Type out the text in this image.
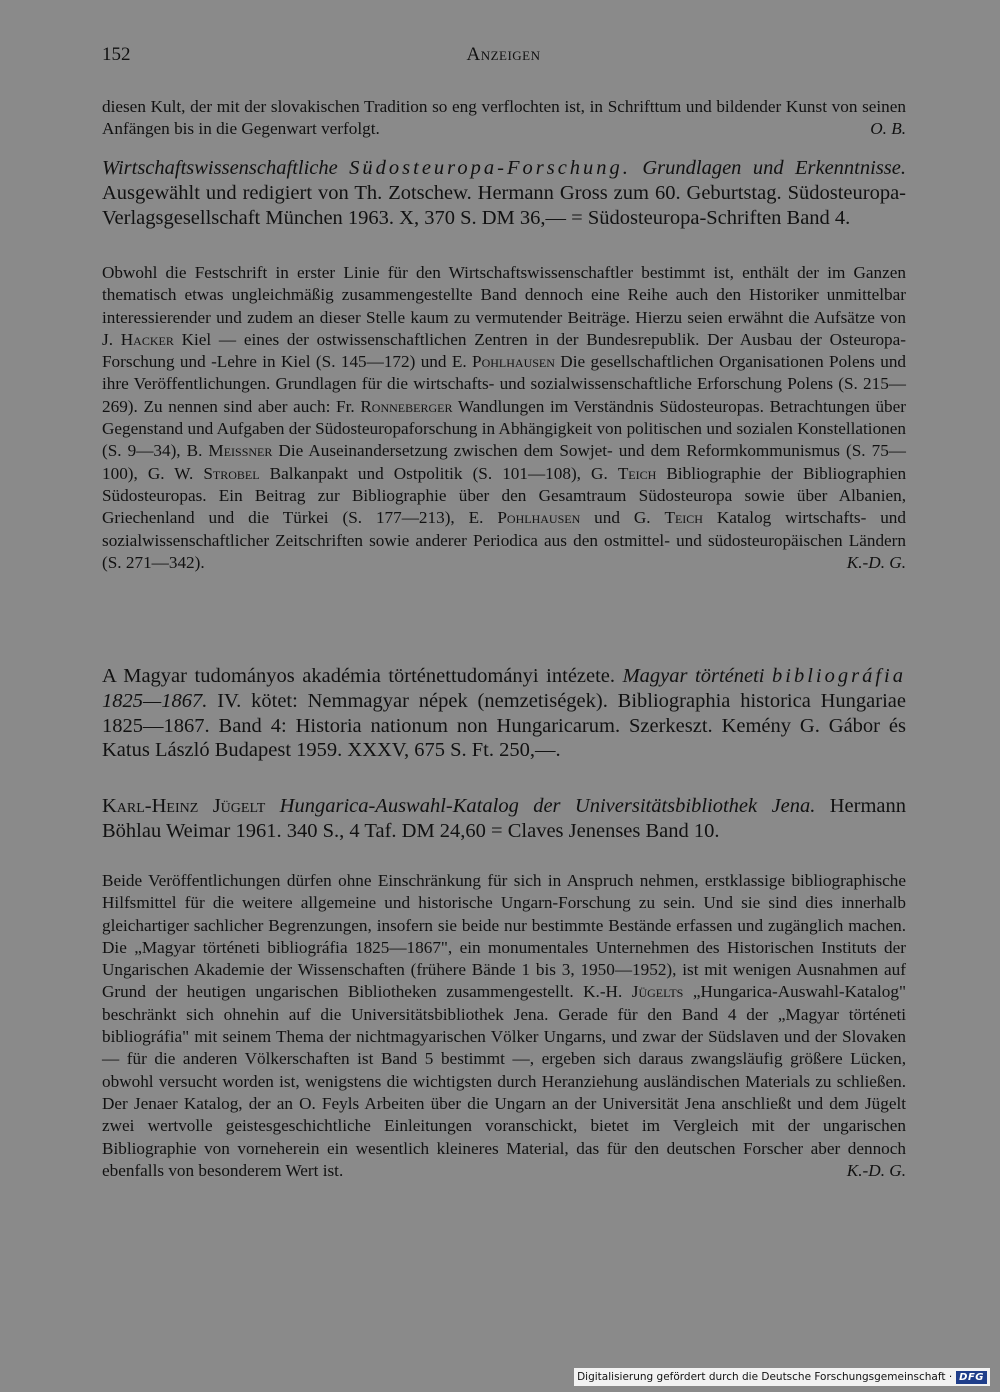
152	Anzeigen

diesen Kult, der mit der slovakischen Tradition so eng verflochten ist, in Schrifttum und bildender Kunst von seinen Anfängen bis in die Gegenwart verfolgt.	O. B.

Wirtschaftswissenschaftliche Südosteuropa-Forschung. Grundlagen und Erkenntnisse. Ausgewählt und redigiert von Th. Zotschew. Hermann Gross zum 60. Geburtstag. Südosteuropa-Verlagsgesellschaft München 1963. X, 370 S. DM 36,— = Südosteuropa-Schriften Band 4.

Obwohl die Festschrift in erster Linie für den Wirtschaftswissenschaftler bestimmt ist, enthält der im Ganzen thematisch etwas ungleichmäßig zusammengestellte Band dennoch eine Reihe auch den Historiker unmittelbar interessierender und zudem an dieser Stelle kaum zu vermutender Beiträge. Hierzu seien erwähnt die Aufsätze von J. Hacker Kiel — eines der ostwissenschaftlichen Zentren in der Bundesrepublik. Der Ausbau der Osteuropa-Forschung und -Lehre in Kiel (S. 145—172) und E. Pohlhausen Die gesellschaftlichen Organisationen Polens und ihre Veröffentlichungen. Grundlagen für die wirtschafts- und sozialwissenschaftliche Erforschung Polens (S. 215—269). Zu nennen sind aber auch: Fr. Ronneberger Wandlungen im Verständnis Südosteuropas. Betrachtungen über Gegenstand und Aufgaben der Südosteuropaforschung in Abhängigkeit von politischen und sozialen Konstellationen (S. 9—34), B. Meissner Die Auseinandersetzung zwischen dem Sowjet- und dem Reformkommunismus (S. 75—100), G. W. Strobel Balkanpakt und Ostpolitik (S. 101—108), G. Teich Bibliographie der Bibliographien Südosteuropas. Ein Beitrag zur Bibliographie über den Gesamtraum Südosteuropa sowie über Albanien, Griechenland und die Türkei (S. 177—213), E. Pohlhausen und G. Teich Katalog wirtschafts- und sozialwissenschaftlicher Zeitschriften sowie anderer Periodica aus den ostmittel- und südosteuropäischen Ländern (S. 271—342).	K.-D. G.

A Magyar tudományos akadémia történettudományi intézete. Magyar történeti bibliográfia 1825—1867. IV. kötet: Nemmagyar népek (nemzetiségek). Bibliographia historica Hungariae 1825—1867. Band 4: Historia nationum non Hungaricarum. Szerkeszt. Kemény G. Gábor és Katus László Budapest 1959. XXXV, 675 S. Ft. 250,—.

Karl-Heinz Jügelt Hungarica-Auswahl-Katalog der Universitätsbibliothek Jena. Hermann Böhlau Weimar 1961. 340 S., 4 Taf. DM 24,60 = Claves Jenenses Band 10.

Beide Veröffentlichungen dürfen ohne Einschränkung für sich in Anspruch nehmen, erstklassige bibliographische Hilfsmittel für die weitere allgemeine und historische Ungarn-Forschung zu sein. Und sie sind dies innerhalb gleichartiger sachlicher Begrenzungen, insofern sie beide nur bestimmte Bestände erfassen und zugänglich machen. Die „Magyar történeti bibliográfia 1825—1867", ein monumentales Unternehmen des Historischen Instituts der Ungarischen Akademie der Wissenschaften (frühere Bände 1 bis 3, 1950—1952), ist mit wenigen Ausnahmen auf Grund der heutigen ungarischen Bibliotheken zusammengestellt. K.-H. Jügelts „Hungarica-Auswahl-Katalog" beschränkt sich ohnehin auf die Universitätsbibliothek Jena. Gerade für den Band 4 der „Magyar történeti bibliográfia" mit seinem Thema der nichtmagyarischen Völker Ungarns, und zwar der Südslaven und der Slovaken — für die anderen Völkerschaften ist Band 5 bestimmt —, ergeben sich daraus zwangsläufig größere Lücken, obwohl versucht worden ist, wenigstens die wichtigsten durch Heranziehung ausländischen Materials zu schließen. Der Jenaer Katalog, der an O. Feyls Arbeiten über die Ungarn an der Universität Jena anschließt und dem Jügelt zwei wertvolle geistesgeschichtliche Einleitungen voranschickt, bietet im Vergleich mit der ungarischen Bibliographie von vorneherein ein wesentlich kleineres Material, das für den deutschen Forscher aber dennoch ebenfalls von besonderem Wert ist.	K.-D. G.

Digitalisierung gefördert durch die Deutsche Forschungsgemeinschaft · DFG
